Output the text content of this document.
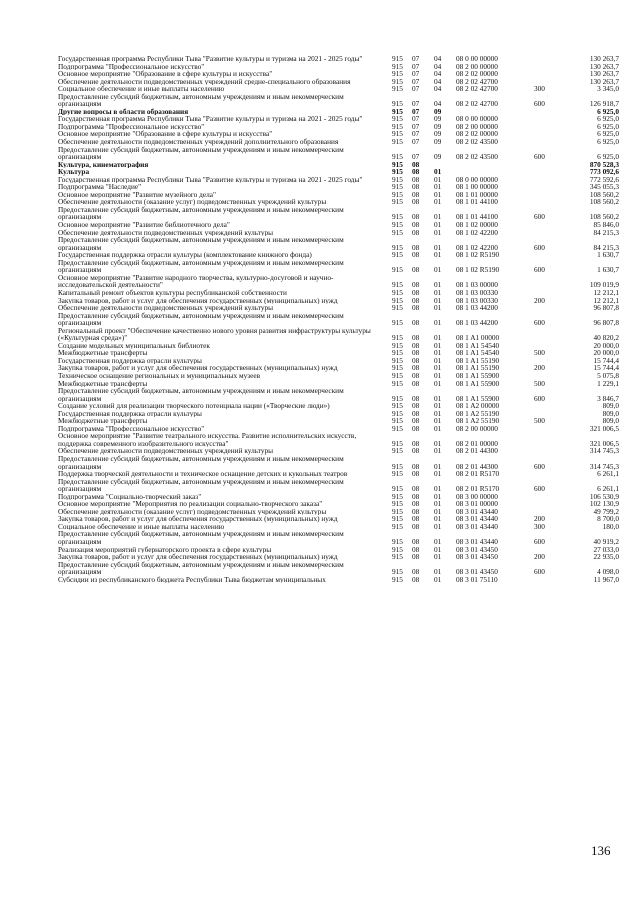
Государственная программа Республики Тыва "Развитие культуры и туризма на 2021 - 2025 годы"	915	07	04	08 0 00 00000		130 263,7
Подпрограмма "Профессиональное искусство"	915	07	04	08 2 00 00000		130 263,7
Основное мероприятие "Образование в сфере культуры и искусства"	915	07	04	08 2 02 00000		130 263,7
Обеспечение деятельности подведомственных учреждений средне-специального образования	915	07	04	08 2 02 42700		130 263,7
Социальное обеспечение и иные выплаты населению	915	07	04	08 2 02 42700	300	3 345,0
Предоставление субсидий бюджетным, автономным учреждениям и иным некоммерческим организациям	915	07	04	08 2 02 42700	600	126 918,7
Другие вопросы в области образования	915	07	09			6 925,0
Государственная программа Республики Тыва "Развитие культуры и туризма на 2021 - 2025 годы"	915	07	09	08 0 00 00000		6 925,0
Подпрограмма "Профессиональное искусство"	915	07	09	08 2 00 00000		6 925,0
Основное мероприятие "Образование в сфере культуры и искусства"	915	07	09	08 2 02 00000		6 925,0
Обеспечение деятельности подведомственных учреждений дополнительного образования	915	07	09	08 2 02 43500		6 925,0
Предоставление субсидий бюджетным, автономным учреждениям и иным некоммерческим организациям	915	07	09	08 2 02 43500	600	6 925,0
Культура, кинематография	915	08				870 528,3
Культура	915	08	01			773 092,6
Государственная программа Республики Тыва "Развитие культуры и туризма на 2021 - 2025 годы"	915	08	01	08 0 00 00000		772 592,6
Подпрограмма "Наследие"	915	08	01	08 1 00 00000		345 055,3
Основное мероприятие "Развитие музейного дела"	915	08	01	08 1 01 00000		108 560,2
Обеспечение деятельности (оказание услуг) подведомственных учреждений культуры	915	08	01	08 1 01 44100		108 560,2
Предоставление субсидий бюджетным, автономным учреждениям и иным некоммерческим организациям	915	08	01	08 1 01 44100	600	108 560,2
Основное мероприятие "Развитие библиотечного дела"	915	08	01	08 1 02 00000		85 846,0
Обеспечение деятельности подведомственных учреждений культуры	915	08	01	08 1 02 42200		84 215,3
Предоставление субсидий бюджетным, автономным учреждениям и иным некоммерческим организациям	915	08	01	08 1 02 42200	600	84 215,3
Государственная поддержка отрасли культуры (комплектование книжного фонда)	915	08	01	08 1 02 R5190		1 630,7
Предоставление субсидий бюджетным, автономным учреждениям и иным некоммерческим организациям	915	08	01	08 1 02 R5190	600	1 630,7
Основное мероприятие "Развитие народного творчества, культурно-досуговой и научно-исследовательской деятельности"	915	08	01	08 1 03 00000		109 019,9
Капитальный ремонт объектов культуры республиканской собственности	915	08	01	08 1 03 00330		12 212,1
Закупка товаров, работ и услуг для обеспечения государственных (муниципальных) нужд	915	08	01	08 1 03 00330	200	12 212,1
Обеспечение деятельности подведомственных учреждений культуры	915	08	01	08 1 03 44200		96 807,8
Предоставление субсидий бюджетным, автономным учреждениям и иным некоммерческим организациям	915	08	01	08 1 03 44200	600	96 807,8
Региональный проект "Обеспечение качественно нового уровня развития инфраструктуры культуры («Культурная среда»)"	915	08	01	08 1 A1 00000		40 820,2
Создание модельных муниципальных библиотек	915	08	01	08 1 A1 54540		20 000,0
Межбюджетные трансферты	915	08	01	08 1 A1 54540	500	20 000,0
Государственная поддержка отрасли культуры	915	08	01	08 1 A1 55190		15 744,4
Закупка товаров, работ и услуг для обеспечения государственных (муниципальных) нужд	915	08	01	08 1 A1 55190	200	15 744,4
Техническое оснащение региональных и муниципальных музеев	915	08	01	08 1 A1 55900		5 075,8
Межбюджетные трансферты	915	08	01	08 1 A1 55900	500	1 229,1
Предоставление субсидий бюджетным, автономным учреждениям и иным некоммерческим организациям	915	08	01	08 1 A1 55900	600	3 846,7
Создание условий для реализации творческого потенциала нации («Творческие люди»)	915	08	01	08 1 A2 00000		809,0
Государственная поддержка отрасли культуры	915	08	01	08 1 A2 55190		809,0
Межбюджетные трансферты	915	08	01	08 1 A2 55190	500	809,0
Подпрограмма "Профессиональное искусство"	915	08	01	08 2 00 00000		321 006,5
Основное мероприятие "Развитие театрального искусства. Развитие исполнительских искусств, поддержка современного изобразительного искусства"	915	08	01	08 2 01 00000		321 006,5
Обеспечение деятельности подведомственных учреждений культуры	915	08	01	08 2 01 44300		314 745,3
Предоставление субсидий бюджетным, автономным учреждениям и иным некоммерческим организациям	915	08	01	08 2 01 44300	600	314 745,3
Поддержка творческой деятельности и техническое оснащение детских и кукольных театров	915	08	01	08 2 01 R5170		6 261,1
Предоставление субсидий бюджетным, автономным учреждениям и иным некоммерческим организациям	915	08	01	08 2 01 R5170	600	6 261,1
Подпрограмма "Социально-творческий заказ"	915	08	01	08 3 00 00000		106 530,9
Основное мероприятие "Мероприятия по реализации социально-творческого заказа"	915	08	01	08 3 01 00000		102 130,9
Обеспечение деятельности (оказание услуг) подведомственных учреждений культуры	915	08	01	08 3 01 43440		49 799,2
Закупка товаров, работ и услуг для обеспечения государственных (муниципальных) нужд	915	08	01	08 3 01 43440	200	8 700,0
Социальное обеспечение и иные выплаты населению	915	08	01	08 3 01 43440	300	180,0
Предоставление субсидий бюджетным, автономным учреждениям и иным некоммерческим организациям	915	08	01	08 3 01 43440	600	40 919,2
Реализация мероприятий губернаторского проекта в сфере культуры	915	08	01	08 3 01 43450		27 033,0
Закупка товаров, работ и услуг для обеспечения государственных (муниципальных) нужд	915	08	01	08 3 01 43450	200	22 935,0
Предоставление субсидий бюджетным, автономным учреждениям и иным некоммерческим организациям	915	08	01	08 3 01 43450	600	4 098,0
Субсидии из республиканского бюджета Республики Тыва бюджетам муниципальных	915	08	01	08 3 01 75110		11 967,0
136
